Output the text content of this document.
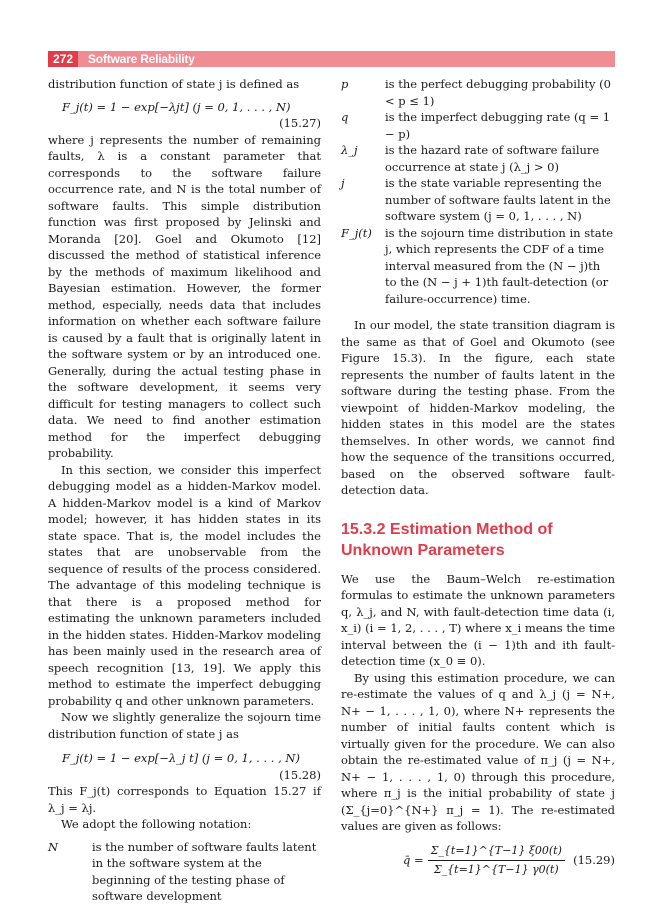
272	Software Reliability

distribution function of state j is defined as

F_j(t) = 1 − exp[−λjt] (j = 0, 1, . . . , N)
(15.27)

where j represents the number of remaining faults, λ is a constant parameter that corresponds to the software failure occurrence rate, and N is the total number of software faults. This simple distribution function was first proposed by Jelinski and Moranda [20]. Goel and Okumoto [12] discussed the method of statistical inference by the methods of maximum likelihood and Bayesian estimation. However, the former method, especially, needs data that includes information on whether each software failure is caused by a fault that is originally latent in the software system or by an introduced one. Generally, during the actual testing phase in the software development, it seems very difficult for testing managers to collect such data. We need to find another estimation method for the imperfect debugging probability.

In this section, we consider this imperfect debugging model as a hidden-Markov model. A hidden-Markov model is a kind of Markov model; however, it has hidden states in its state space. That is, the model includes the states that are unobservable from the sequence of results of the process considered. The advantage of this modeling technique is that there is a proposed method for estimating the unknown parameters included in the hidden states. Hidden-Markov modeling has been mainly used in the research area of speech recognition [13, 19]. We apply this method to estimate the imperfect debugging probability q and other unknown parameters.

Now we slightly generalize the sojourn time distribution function of state j as

F_j(t) = 1 − exp[−λ_j t] (j = 0, 1, . . . , N)
(15.28)

This F_j(t) corresponds to Equation 15.27 if λ_j = λj.

We adopt the following notation:

N	is the number of software faults latent in the software system at the beginning of the testing phase of software development
p	is the perfect debugging probability (0 < p ≤ 1)
q	is the imperfect debugging rate (q = 1 − p)
λ_j	is the hazard rate of software failure occurrence at state j (λ_j > 0)
j	is the state variable representing the number of software faults latent in the software system (j = 0, 1, . . . , N)
F_j(t)	is the sojourn time distribution in state j, which represents the CDF of a time interval measured from the (N − j)th to the (N − j + 1)th fault-detection (or failure-occurrence) time.

In our model, the state transition diagram is the same as that of Goel and Okumoto (see Figure 15.3). In the figure, each state represents the number of faults latent in the software during the testing phase. From the viewpoint of hidden-Markov modeling, the hidden states in this model are the states themselves. In other words, we cannot find how the sequence of the transitions occurred, based on the observed software fault-detection data.

15.3.2 Estimation Method of Unknown Parameters

We use the Baum–Welch re-estimation formulas to estimate the unknown parameters q, λ_j, and N, with fault-detection time data (i, x_i) (i = 1, 2, . . . , T) where x_i means the time interval between the (i − 1)th and ith fault-detection time (x_0 ≡ 0).

By using this estimation procedure, we can re-estimate the values of q and λ_j (j = N+, N+ − 1, . . . , 1, 0), where N+ represents the number of initial faults content which is virtually given for the procedure. We can also obtain the re-estimated value of π_j (j = N+, N+ − 1, . . . , 1, 0) through this procedure, where π_j is the initial probability of state j (Σ_{j=0}^{N+} π_j = 1). The re-estimated values are given as follows:

q̄ = $\frac{\Sigma\_\{t=1\}\^{}\{T-1\} \xi 00(t)}{\Sigma\_\{t=1\}\^{}\{T-1\} \gamma 0(t)} (15.29)$
